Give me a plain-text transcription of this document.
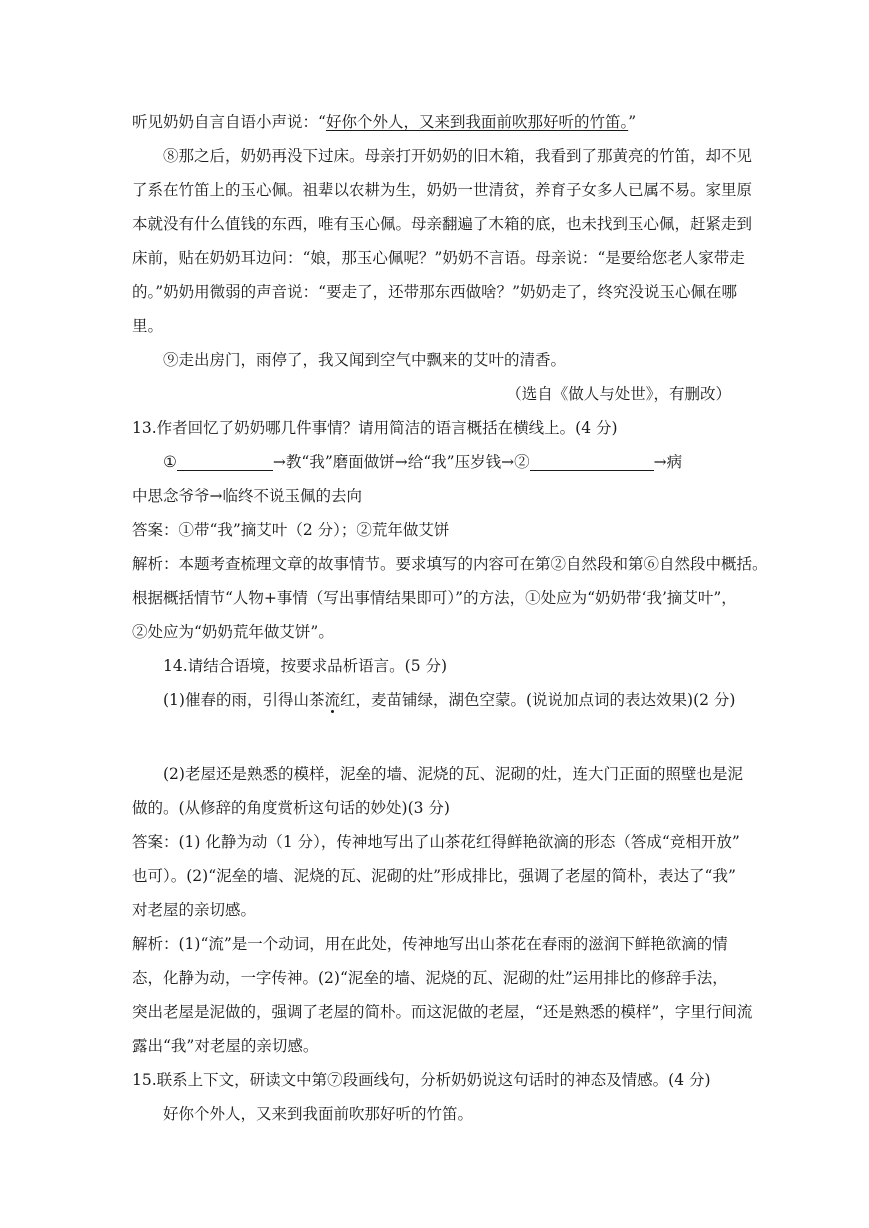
听见奶奶自言自语小声说：“好你个外人，又来到我面前吹那好听的竹笛。”
⑧那之后，奶奶再没下过床。母亲打开奶奶的旧木箱，我看到了那黄亮的竹笛，却不见
了系在竹笛上的玉心佩。祖辈以农耕为生，奶奶一世清贫，养育子女多人已属不易。家里原
本就没有什么值钱的东西，唯有玉心佩。母亲翻遍了木箱的底，也未找到玉心佩，赶紧走到
床前，贴在奶奶耳边问：“娘，那玉心佩呢？”奶奶不言语。母亲说：“是要给您老人家带走
的。”奶奶用微弱的声音说：“要走了，还带那东西做啥？”奶奶走了，终究没说玉心佩在哪
里。
⑨走出房门，雨停了，我又闻到空气中飘来的艾叶的清香。
（选自《做人与处世》，有删改）
13.作者回忆了奶奶哪几件事情？请用简洁的语言概括在横线上。(4 分)
①	→教“我”磨面做饼→给“我”压岁钱→②	→病
中思念爷爷→临终不说玉佩的去向
答案：①带“我”摘艾叶（2 分）；②荒年做艾饼
解析：本题考查梳理文章的故事情节。要求填写的内容可在第②自然段和第⑥自然段中概括。
根据概括情节“人物+事情（写出事情结果即可）”的方法，①处应为“奶奶带‘我’摘艾叶”，
②处应为“奶奶荒年做艾饼”。
14.请结合语境，按要求品析语言。(5 分)
(1)催春的雨，引得山茶流红，麦苗铺绿，湖色空蒙。(说说加点词的表达效果)(2 分)
(2)老屋还是熟悉的模样，泥垒的墙、泥烧的瓦、泥砌的灶，连大门正面的照壁也是泥
做的。(从修辞的角度赏析这句话的妙处)(3 分)
答案：(1) 化静为动（1 分），传神地写出了山茶花红得鲜艳欲滴的形态（答成“竞相开放”
也可）。(2)“泥垒的墙、泥烧的瓦、泥砌的灶”形成排比，强调了老屋的简朴，表达了“我”
对老屋的亲切感。
解析：(1)“流”是一个动词，用在此处，传神地写出山茶花在春雨的滋润下鲜艳欲滴的情
态，化静为动，一字传神。(2)“泥垒的墙、泥烧的瓦、泥砌的灶”运用排比的修辞手法，
突出老屋是泥做的，强调了老屋的简朴。而这泥做的老屋，“还是熟悉的模样”，字里行间流
露出“我”对老屋的亲切感。
15.联系上下文，研读文中第⑦段画线句，分析奶奶说这句话时的神态及情感。(4 分)
好你个外人，又来到我面前吹那好听的竹笛。
